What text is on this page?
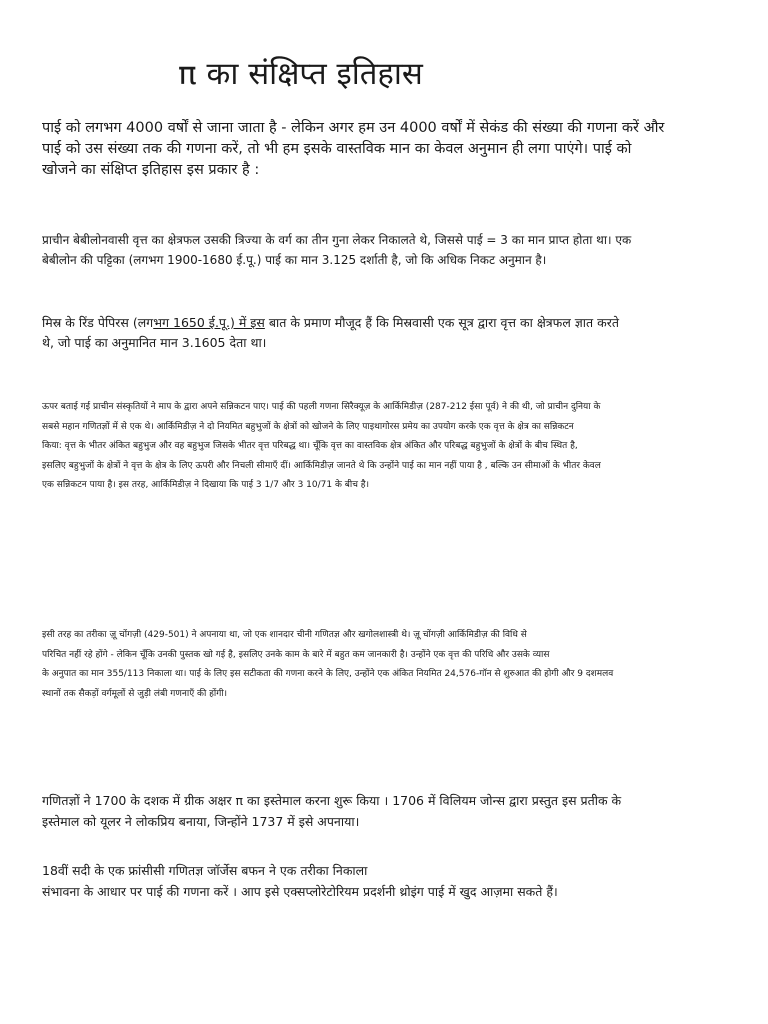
π का संक्षिप्त इतिहास

पाई को लगभग 4000 वर्षों से जाना जाता है - लेकिन अगर हम उन 4000 वर्षों में सेकंड की संख्या की गणना करें और
पाई को उस संख्या तक की गणना करें, तो भी हम इसके वास्तविक मान का केवल अनुमान ही लगा पाएंगे। पाई को
खोजने का संक्षिप्त इतिहास इस प्रकार है :

प्राचीन बेबीलोनवासी वृत्त का क्षेत्रफल उसकी त्रिज्या के वर्ग का तीन गुना लेकर निकालते थे, जिससे पाई = 3 का मान प्राप्त होता था। एक
बेबीलोन की पट्टिका (लगभग 1900-1680 ई.पू.) पाई का मान 3.125 दर्शाती है, जो कि अधिक निकट अनुमान है।

मिस्र के रिंड पेपिरस (लगभग 1650 ई.पू.) में इस बात के प्रमाण मौजूद हैं कि मिस्रवासी एक सूत्र द्वारा वृत्त का क्षेत्रफल ज्ञात करते
थे, जो पाई का अनुमानित मान 3.1605 देता था।

ऊपर बताई गई प्राचीन संस्कृतियों ने माप के द्वारा अपने सन्निकटन पाए। पाई की पहली गणना सिरैक्यूज़ के आर्किमिडीज़ (287-212 ईसा पूर्व) ने की थी, जो प्राचीन दुनिया के
सबसे महान गणितज्ञों में से एक थे। आर्किमिडीज़ ने दो नियमित बहुभुजों के क्षेत्रों को खोजने के लिए पाइथागोरस प्रमेय का उपयोग करके एक वृत्त के क्षेत्र का सन्निकटन
किया: वृत्त के भीतर अंकित बहुभुज और वह बहुभुज जिसके भीतर वृत्त परिबद्ध था। चूँकि वृत्त का वास्तविक क्षेत्र अंकित और परिबद्ध बहुभुजों के क्षेत्रों के बीच स्थित है,
इसलिए बहुभुजों के क्षेत्रों ने वृत्त के क्षेत्र के लिए ऊपरी और निचली सीमाएँ दीं। आर्किमिडीज़ जानते थे कि उन्होंने पाई का मान नहीं पाया है , बल्कि उन सीमाओं के भीतर केवल
एक सन्निकटन पाया है। इस तरह, आर्किमिडीज़ ने दिखाया कि पाई 3 1/7 और 3 10/71 के बीच है।

इसी तरह का तरीका ज़ू चोंगज़ी (429-501) ने अपनाया था, जो एक शानदार चीनी गणितज्ञ और खगोलशास्त्री थे। ज़ू चोंगज़ी आर्किमिडीज़ की विधि से
परिचित नहीं रहे होंगे - लेकिन चूँकि उनकी पुस्तक खो गई है, इसलिए उनके काम के बारे में बहुत कम जानकारी है। उन्होंने एक वृत्त की परिधि और उसके व्यास
के अनुपात का मान 355/113 निकाला था। पाई के लिए इस सटीकता की गणना करने के लिए, उन्होंने एक अंकित नियमित 24,576-गॉन से शुरुआत की होगी और 9 दशमलव
स्थानों तक सैकड़ों वर्गमूलों से जुड़ी लंबी गणनाएँ की होंगी।

गणितज्ञों ने 1700 के दशक में ग्रीक अक्षर π का इस्तेमाल करना शुरू किया । 1706 में विलियम जोन्स द्वारा प्रस्तुत इस प्रतीक के
इस्तेमाल को यूलर ने लोकप्रिय बनाया, जिन्होंने 1737 में इसे अपनाया।

18वीं सदी के एक फ्रांसीसी गणितज्ञ जॉर्जेस बफन ने एक तरीका निकाला
संभावना के आधार पर पाई की गणना करें । आप इसे एक्सप्लोरेटोरियम प्रदर्शनी थ्रोइंग पाई में खुद आज़मा सकते हैं।
